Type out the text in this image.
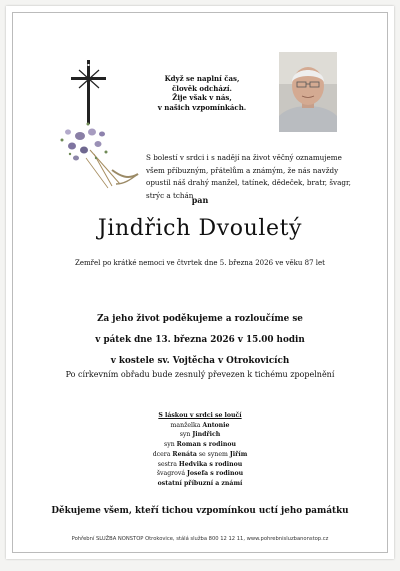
Když se naplní čas,
člověk odchází.
Žije však v nás,
v našich vzpomínkách.
S bolestí v srdci i s nadějí na život věčný oznamujeme všem příbuzným, přátelům a známým, že nás navždy opustil náš drahý manžel, tatínek, dědeček, bratr, švagr, strýc a tchán
pan
Jindřich Dvouletý
Zemřel po krátké nemoci ve čtvrtek dne 5. března 2026 ve věku 87 let
Za jeho život poděkujeme a rozloučíme se
v pátek dne 13. března 2026 v 15.00 hodin
v kostele sv. Vojtěcha v Otrokovicích
Po církevním obřadu bude zesnulý převezen k tichému zpopelnění
S láskou v srdci se loučí
manželka Antonie
syn Jindřich
syn Roman s rodinou
dcera Renáta se synem Jiřím
sestra Hedvika s rodinou
švagrová Josefa s rodinou
ostatní příbuzní a známí
Děkujeme všem, kteří tichou vzpomínkou uctí jeho památku
Pohřební SLUŽBA NONSTOP Otrokovice, stálá služba 800 12 12 11, www.pohrebnisluzbanonstop.cz
